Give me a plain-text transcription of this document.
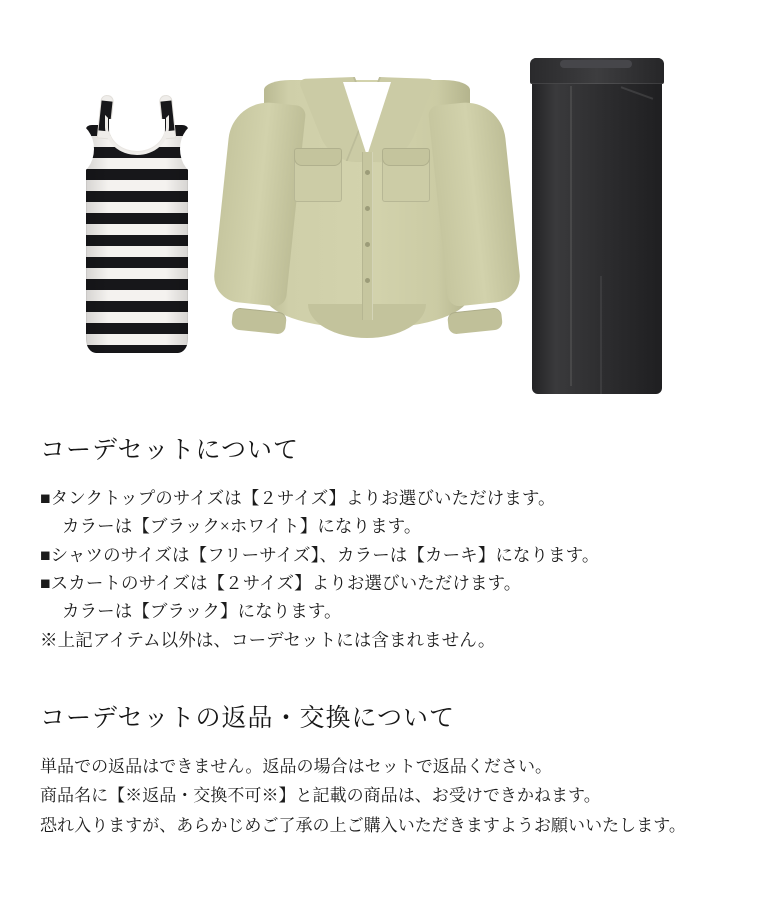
コーデセットについて
■タンクトップのサイズは【２サイズ】よりお選びいただけます。
カラーは【ブラック×ホワイト】になります。
■シャツのサイズは【フリーサイズ】、カラーは【カーキ】になります。
■スカートのサイズは【２サイズ】よりお選びいただけます。
カラーは【ブラック】になります。
※上記アイテム以外は、コーデセットには含まれません。
コーデセットの返品・交換について
単品での返品はできません。返品の場合はセットで返品ください。
商品名に【※返品・交換不可※】と記載の商品は、お受けできかねます。
恐れ入りますが、あらかじめご了承の上ご購入いただきますようお願いいたします。
